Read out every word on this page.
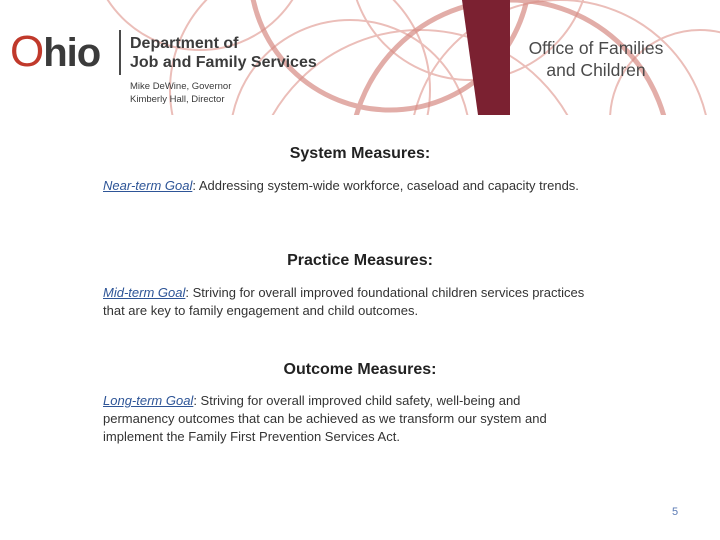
Ohio Department of
Job and Family Services
Mike DeWine, Governor
Kimberly Hall, Director
Office of Families
and Children
System Measures:

Near-term Goal: Addressing system-wide workforce, caseload and capacity trends.

Practice Measures:

Mid-term Goal: Striving for overall improved foundational children services practices that are key to family engagement and child outcomes.

Outcome Measures:

Long-term Goal: Striving for overall improved child safety, well-being and permanency outcomes that can be achieved as we transform our system and implement the Family First Prevention Services Act.

5
